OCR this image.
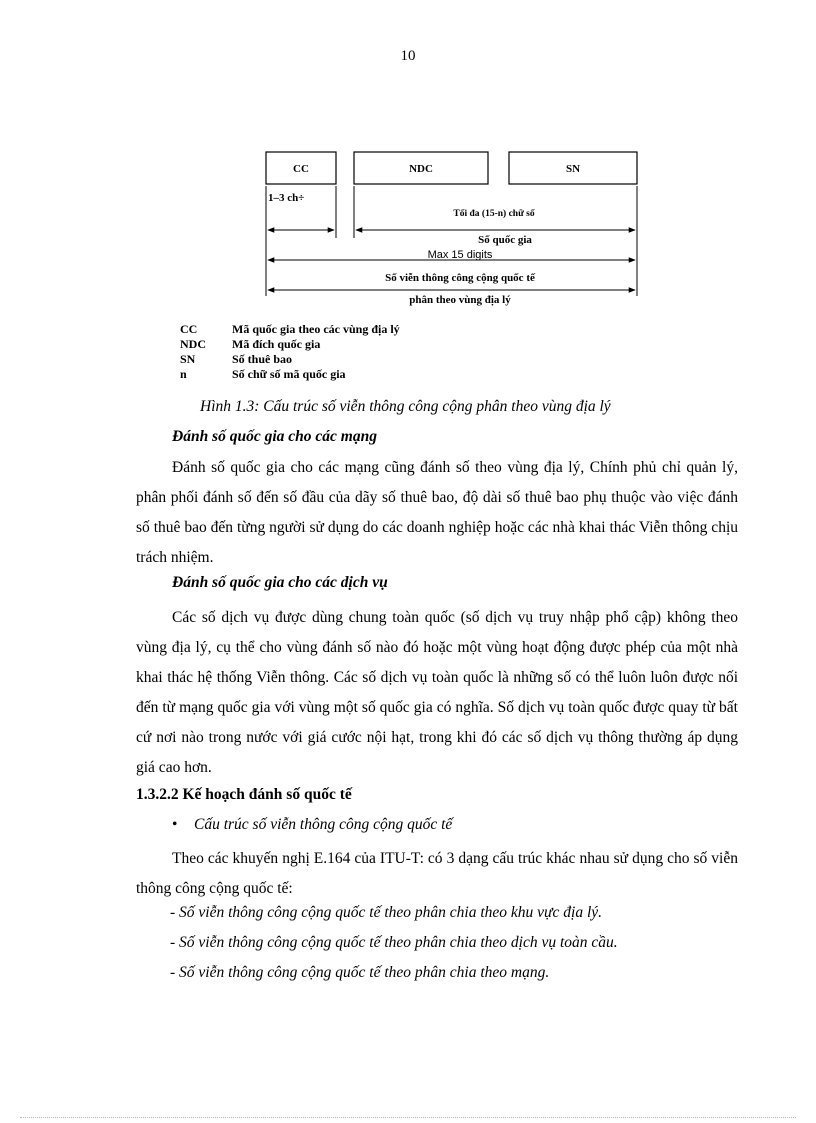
10
CC	NDC	SN
1–3 ch÷
Tối đa (15-n) chữ số
Số quốc gia
Max 15 digits
Số viễn thông công cộng quốc tế
phân theo vùng địa lý
CC	Mã quốc gia theo các vùng địa lý
NDC	Mã đích quốc gia
SN	Số thuê bao
n	Số chữ số mã quốc gia
Hình 1.3: Cấu trúc số viễn thông công cộng phân theo vùng địa lý
Đánh số quốc gia cho các mạng

Đánh số quốc gia cho các mạng cũng đánh số theo vùng địa lý, Chính phủ chỉ quản lý, phân phối đánh số đến số đầu của dãy số thuê bao, độ dài số thuê bao phụ thuộc vào việc đánh số thuê bao đến từng người sử dụng do các doanh nghiệp hoặc các nhà khai thác Viễn thông chịu trách nhiệm.

Đánh số quốc gia cho các dịch vụ

Các số dịch vụ được dùng chung toàn quốc (số dịch vụ truy nhập phổ cập) không theo vùng địa lý, cụ thể cho vùng đánh số nào đó hoặc một vùng hoạt động được phép của một nhà khai thác hệ thống Viễn thông. Các số dịch vụ toàn quốc là những số có thể luôn luôn được nối đến từ mạng quốc gia với vùng một số quốc gia có nghĩa. Số dịch vụ toàn quốc được quay từ bất cứ nơi nào trong nước với giá cước nội hạt, trong khi đó các số dịch vụ thông thường áp dụng giá cao hơn.

1.3.2.2 Kế hoạch đánh số quốc tế
•	Cấu trúc số viễn thông công cộng quốc tế

Theo các khuyến nghị E.164 của ITU-T: có 3 dạng cấu trúc khác nhau sử dụng cho số viễn thông công cộng quốc tế:

- Số viễn thông công cộng quốc tế theo phân chia theo khu vực địa lý.
- Số viễn thông công cộng quốc tế theo phân chia theo dịch vụ toàn cầu.
- Số viễn thông công cộng quốc tế theo phân chia theo mạng.
